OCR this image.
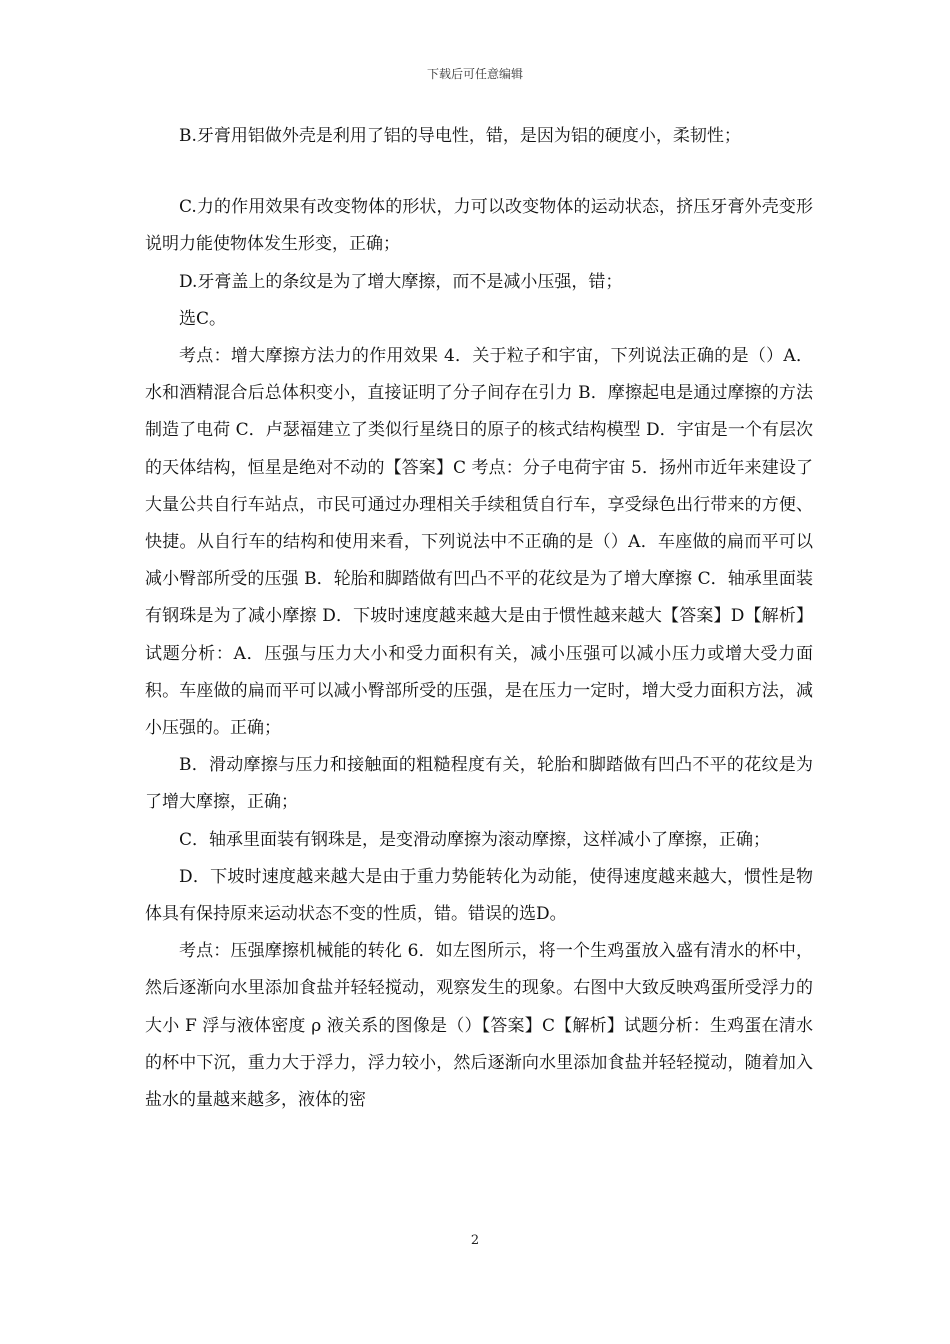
下载后可任意编辑

B.牙膏用铝做外壳是利用了铝的导电性，错，是因为铝的硬度小，柔韧性；

C.力的作用效果有改变物体的形状，力可以改变物体的运动状态，挤压牙膏外壳变形说明力能使物体发生形变，正确；

D.牙膏盖上的条纹是为了增大摩擦，而不是减小压强，错；

选C。

考点：增大摩擦方法力的作用效果 4．关于粒子和宇宙，下列说法正确的是（）A．水和酒精混合后总体积变小，直接证明了分子间存在引力 B．摩擦起电是通过摩擦的方法制造了电荷 C．卢瑟福建立了类似行星绕日的原子的核式结构模型 D．宇宙是一个有层次的天体结构，恒星是绝对不动的【答案】C 考点：分子电荷宇宙 5．扬州市近年来建设了大量公共自行车站点，市民可通过办理相关手续租赁自行车，享受绿色出行带来的方便、快捷。从自行车的结构和使用来看，下列说法中不正确的是（）A．车座做的扁而平可以减小臀部所受的压强 B．轮胎和脚踏做有凹凸不平的花纹是为了增大摩擦 C．轴承里面装有钢珠是为了减小摩擦 D．下坡时速度越来越大是由于惯性越来越大【答案】D【解析】试题分析：A．压强与压力大小和受力面积有关，减小压强可以减小压力或增大受力面积。车座做的扁而平可以减小臀部所受的压强，是在压力一定时，增大受力面积方法，减小压强的。正确；

B．滑动摩擦与压力和接触面的粗糙程度有关，轮胎和脚踏做有凹凸不平的花纹是为了增大摩擦，正确；

C．轴承里面装有钢珠是，是变滑动摩擦为滚动摩擦，这样减小了摩擦，正确；

D．下坡时速度越来越大是由于重力势能转化为动能，使得速度越来越大，惯性是物体具有保持原来运动状态不变的性质，错。错误的选D。

考点：压强摩擦机械能的转化 6．如左图所示，将一个生鸡蛋放入盛有清水的杯中，然后逐渐向水里添加食盐并轻轻搅动，观察发生的现象。右图中大致反映鸡蛋所受浮力的大小 F 浮与液体密度 ρ 液关系的图像是（）【答案】C【解析】试题分析：生鸡蛋在清水的杯中下沉，重力大于浮力，浮力较小，然后逐渐向水里添加食盐并轻轻搅动，随着加入盐水的量越来越多，液体的密

2
